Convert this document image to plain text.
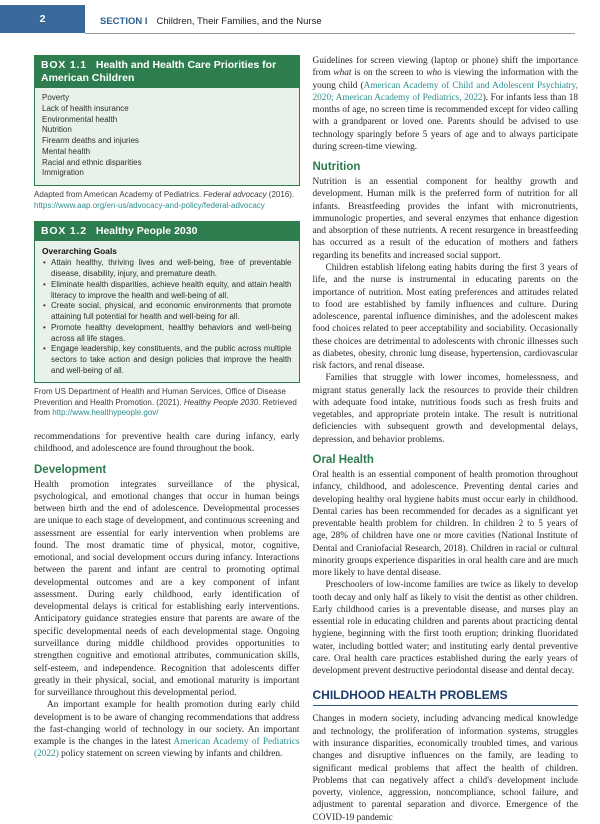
2	SECTION I Children, Their Families, and the Nurse
BOX 1.1 Health and Health Care Priorities for American Children
Poverty
Lack of health insurance
Environmental health
Nutrition
Firearm deaths and injuries
Mental health
Racial and ethnic disparities
Immigration
Adapted from American Academy of Pediatrics. Federal advocacy (2016). https://www.aap.org/en-us/advocacy-and-policy/federal-advocacy
BOX 1.2 Healthy People 2030
Overarching Goals
• Attain healthy, thriving lives and well-being, free of preventable disease, disability, injury, and premature death.
• Eliminate health disparities, achieve health equity, and attain health literacy to improve the health and well-being of all.
• Create social, physical, and economic environments that promote attaining full potential for health and well-being for all.
• Promote healthy development, healthy behaviors and well-being across all life stages.
• Engage leadership, key constituents, and the public across multiple sectors to take action and design policies that improve the health and well-being of all.
From US Department of Health and Human Services, Office of Disease Prevention and Health Promotion. (2021). Healthy People 2030. Retrieved from http://www.healthypeople.gov/

recommendations for preventive health care during infancy, early childhood, and adolescence are found throughout the book.

Development

Health promotion integrates surveillance of the physical, psychological, and emotional changes that occur in human beings between birth and the end of adolescence. Developmental processes are unique to each stage of development, and continuous screening and assessment are essential for early intervention when problems are found. The most dramatic time of physical, motor, cognitive, emotional, and social development occurs during infancy. Interactions between the parent and infant are central to promoting optimal developmental outcomes and are a key component of infant assessment. During early childhood, early identification of developmental delays is critical for establishing early interventions. Anticipatory guidance strategies ensure that parents are aware of the specific developmental needs of each developmental stage. Ongoing surveillance during middle childhood provides opportunities to strengthen cognitive and emotional attributes, communication skills, self-esteem, and independence. Recognition that adolescents differ greatly in their physical, social, and emotional maturity is important for surveillance throughout this developmental period.

An important example for health promotion during early child development is to be aware of changing recommendations that address the fast-changing world of technology in our society. An important example is the changes in the latest American Academy of Pediatrics (2022) policy statement on screen viewing by infants and children.

Guidelines for screen viewing (laptop or phone) shift the importance from what is on the screen to who is viewing the information with the young child (American Academy of Child and Adolescent Psychiatry, 2020; American Academy of Pediatrics, 2022). For infants less than 18 months of age, no screen time is recommended except for video calling with a grandparent or loved one. Parents should be advised to use technology sparingly before 5 years of age and to always participate during screen-time viewing.

Nutrition

Nutrition is an essential component for healthy growth and development. Human milk is the preferred form of nutrition for all infants. Breastfeeding provides the infant with micronutrients, immunologic properties, and several enzymes that enhance digestion and absorption of these nutrients. A recent resurgence in breastfeeding has occurred as a result of the education of mothers and fathers regarding its benefits and increased social support.

Children establish lifelong eating habits during the first 3 years of life, and the nurse is instrumental in educating parents on the importance of nutrition. Most eating preferences and attitudes related to food are established by family influences and culture. During adolescence, parental influence diminishes, and the adolescent makes food choices related to peer acceptability and sociability. Occasionally these choices are detrimental to adolescents with chronic illnesses such as diabetes, obesity, chronic lung disease, hypertension, cardiovascular risk factors, and renal disease.

Families that struggle with lower incomes, homelessness, and migrant status generally lack the resources to provide their children with adequate food intake, nutritious foods such as fresh fruits and vegetables, and appropriate protein intake. The result is nutritional deficiencies with subsequent growth and developmental delays, depression, and behavior problems.

Oral Health

Oral health is an essential component of health promotion throughout infancy, childhood, and adolescence. Preventing dental caries and developing healthy oral hygiene habits must occur early in childhood. Dental caries has been recommended for decades as a significant yet preventable health problem for children. In children 2 to 5 years of age, 28% of children have one or more cavities (National Institute of Dental and Craniofacial Research, 2018). Children in racial or cultural minority groups experience disparities in oral health care and are much more likely to have dental disease.

Preschoolers of low-income families are twice as likely to develop tooth decay and only half as likely to visit the dentist as other children. Early childhood caries is a preventable disease, and nurses play an essential role in educating children and parents about practicing dental hygiene, beginning with the first tooth eruption; drinking fluoridated water, including bottled water; and instituting early dental preventive care. Oral health care practices established during the early years of development prevent destructive periodontal disease and dental decay.

CHILDHOOD HEALTH PROBLEMS

Changes in modern society, including advancing medical knowledge and technology, the proliferation of information systems, struggles with insurance disparities, economically troubled times, and various changes and disruptive influences on the family, are leading to significant medical problems that affect the health of children. Problems that can negatively affect a child's development include poverty, violence, aggression, noncompliance, school failure, and adjustment to parental separation and divorce. Emergence of the COVID-19 pandemic
